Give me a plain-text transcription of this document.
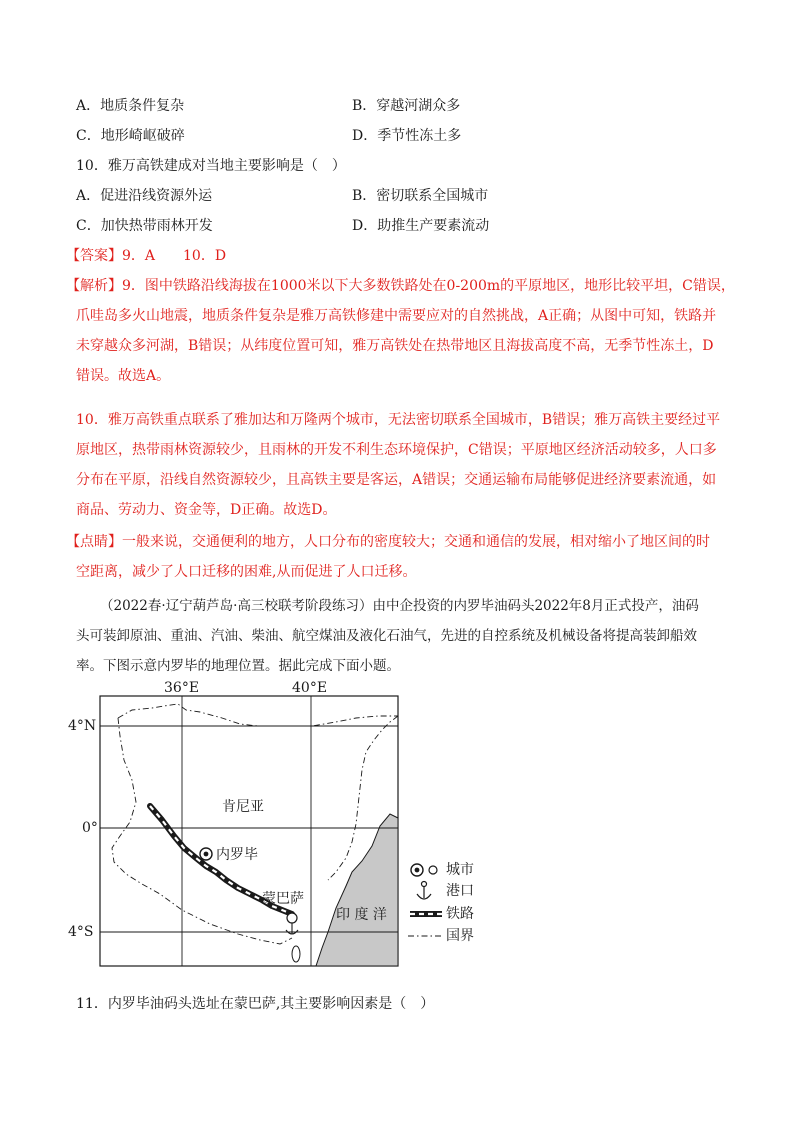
A．地质条件复杂	B．穿越河湖众多
C．地形崎岖破碎	D．季节性冻土多
10．雅万高铁建成对当地主要影响是（　）
A．促进沿线资源外运	B．密切联系全国城市
C．加快热带雨林开发	D．助推生产要素流动
【答案】9．A　　10．D
【解析】9．图中铁路沿线海拔在1000米以下大多数铁路处在0-200m的平原地区，地形比较平坦，C错误，
爪哇岛多火山地震，地质条件复杂是雅万高铁修建中需要应对的自然挑战，A正确；从图中可知，铁路并
未穿越众多河湖，B错误；从纬度位置可知，雅万高铁处在热带地区且海拔高度不高，无季节性冻土，D
错误。故选A。
10．雅万高铁重点联系了雅加达和万隆两个城市，无法密切联系全国城市，B错误；雅万高铁主要经过平
原地区，热带雨林资源较少，且雨林的开发不利生态环境保护，C错误；平原地区经济活动较多，人口多
分布在平原，沿线自然资源较少，且高铁主要是客运，A错误；交通运输布局能够促进经济要素流通，如
商品、劳动力、资金等，D正确。故选D。
【点睛】一般来说，交通便利的地方，人口分布的密度较大；交通和通信的发展，相对缩小了地区间的时
空距离，减少了人口迁移的困难,从而促进了人口迁移。
（2022春·辽宁葫芦岛·高三校联考阶段练习）由中企投资的内罗毕油码头2022年8月正式投产，油码
头可装卸原油、重油、汽油、柴油、航空煤油及液化石油气，先进的自控系统及机械设备将提高装卸船效
率。下图示意内罗毕的地理位置。据此完成下面小题。
36°E	40°E
4°N
0°
4°S
肯尼亚
内罗毕
蒙巴萨
印 度 洋
城市
港口
铁路
国界
11．内罗毕油码头选址在蒙巴萨,其主要影响因素是（　）
